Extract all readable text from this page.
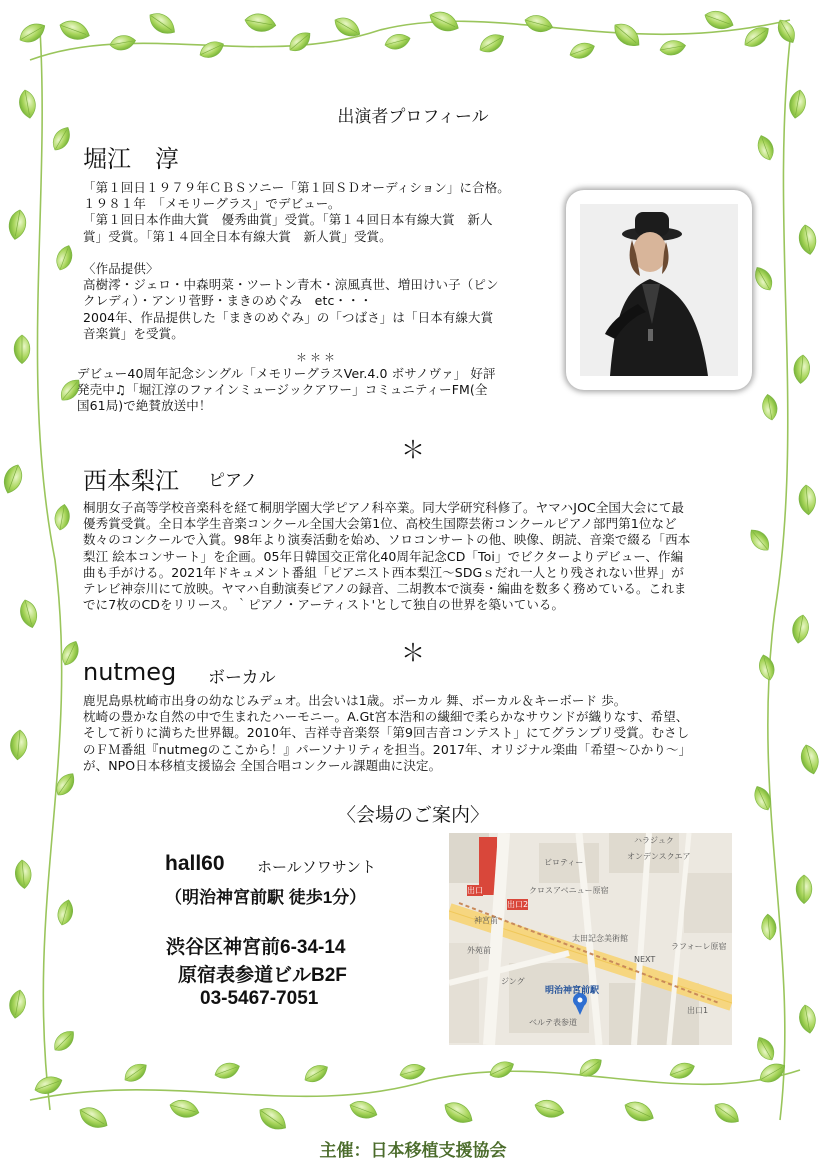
出演者プロフィール
堀江　淳
「第１回日１９７９年ＣＢＳソニー「第１回ＳＤオーディション」に合格。
１９８１年　「メモリーグラス」でデビュー。
「第１回日本作曲大賞　優秀曲賞」受賞。「第１４回日本有線大賞　新人
賞」受賞。「第１４回全日本有線大賞　新人賞」受賞。

〈作品提供〉
高樹澪・ジェロ・中森明菜・ツートン青木・涼風真世、増田けい子（ピン
クレディ）・アンリ菅野・まきのめぐみ　etc・・・
2004年、作品提供した「まきのめぐみ」の「つばさ」は「日本有線大賞
音楽賞」を受賞。
＊＊＊
デビュー40周年記念シングル「メモリーグラスVer.4.0 ボサノヴァ」 好評
発売中♫「堀江淳のファインミュージックアワー」コミュニティーFM(全
国61局)で絶賛放送中！
＊
西本梨江 ピアノ
桐朋女子高等学校音楽科を経て桐朋学園大学ピアノ科卒業。同大学研究科修了。ヤマハJOC全国大会にて最
優秀賞受賞。全日本学生音楽コンクール全国大会第1位、高校生国際芸術コンクールピアノ部門第1位など
数々のコンクールで入賞。98年より演奏活動を始め、ソロコンサートの他、映像、朗読、音楽で綴る「西本
梨江 絵本コンサート」を企画。05年日韓国交正常化40周年記念CD「Toi」でビクターよりデビュー、作編
曲も手がける。2021年ドキュメント番組「ピアニスト西本梨江～SDGｓだれ一人とり残されない世界」が
テレビ神奈川にて放映。ヤマハ自動演奏ピアノの録音、二胡教本で演奏・編曲を数多く務めている。これま
でに7枚のCDをリリース。｀ピアノ・アーティスト'として独自の世界を築いている。
＊
nutmeg ボーカル
鹿児島県枕崎市出身の幼なじみデュオ。出会いは1歳。ボーカル 舞、ボーカル＆キーボード 歩。
枕崎の豊かな自然の中で生まれたハーモニー。A.Gt宮本浩和の繊細で柔らかなサウンドが織りなす、希望、
そして祈りに満ちた世界観。2010年、吉祥寺音楽祭「第9回吉音コンテスト」にてグランプリ受賞。むさし
のＦＭ番組『nutmegのここから！』パーソナリティを担当。2017年、オリジナル楽曲「希望～ひかり～」
が、NPO日本移植支援協会 全国合唱コンクール課題曲に決定。
〈会場のご案内〉
hall60 ホールソワサント
（明治神宮前駅 徒歩1分）
渋谷区神宮前6-34-14
原宿表参道ビルB2F
03-5467-7051
ハラジュク
ビロティー
オンデンスクエア
クロスアベニュー原宿
神宮前
出口2
出口
外苑前
太田記念美術館
ラフォーレ原宿
NEXT
ジング
明治神宮前駅
ベルテ表参道
出口1
主催：日本移植支援協会
